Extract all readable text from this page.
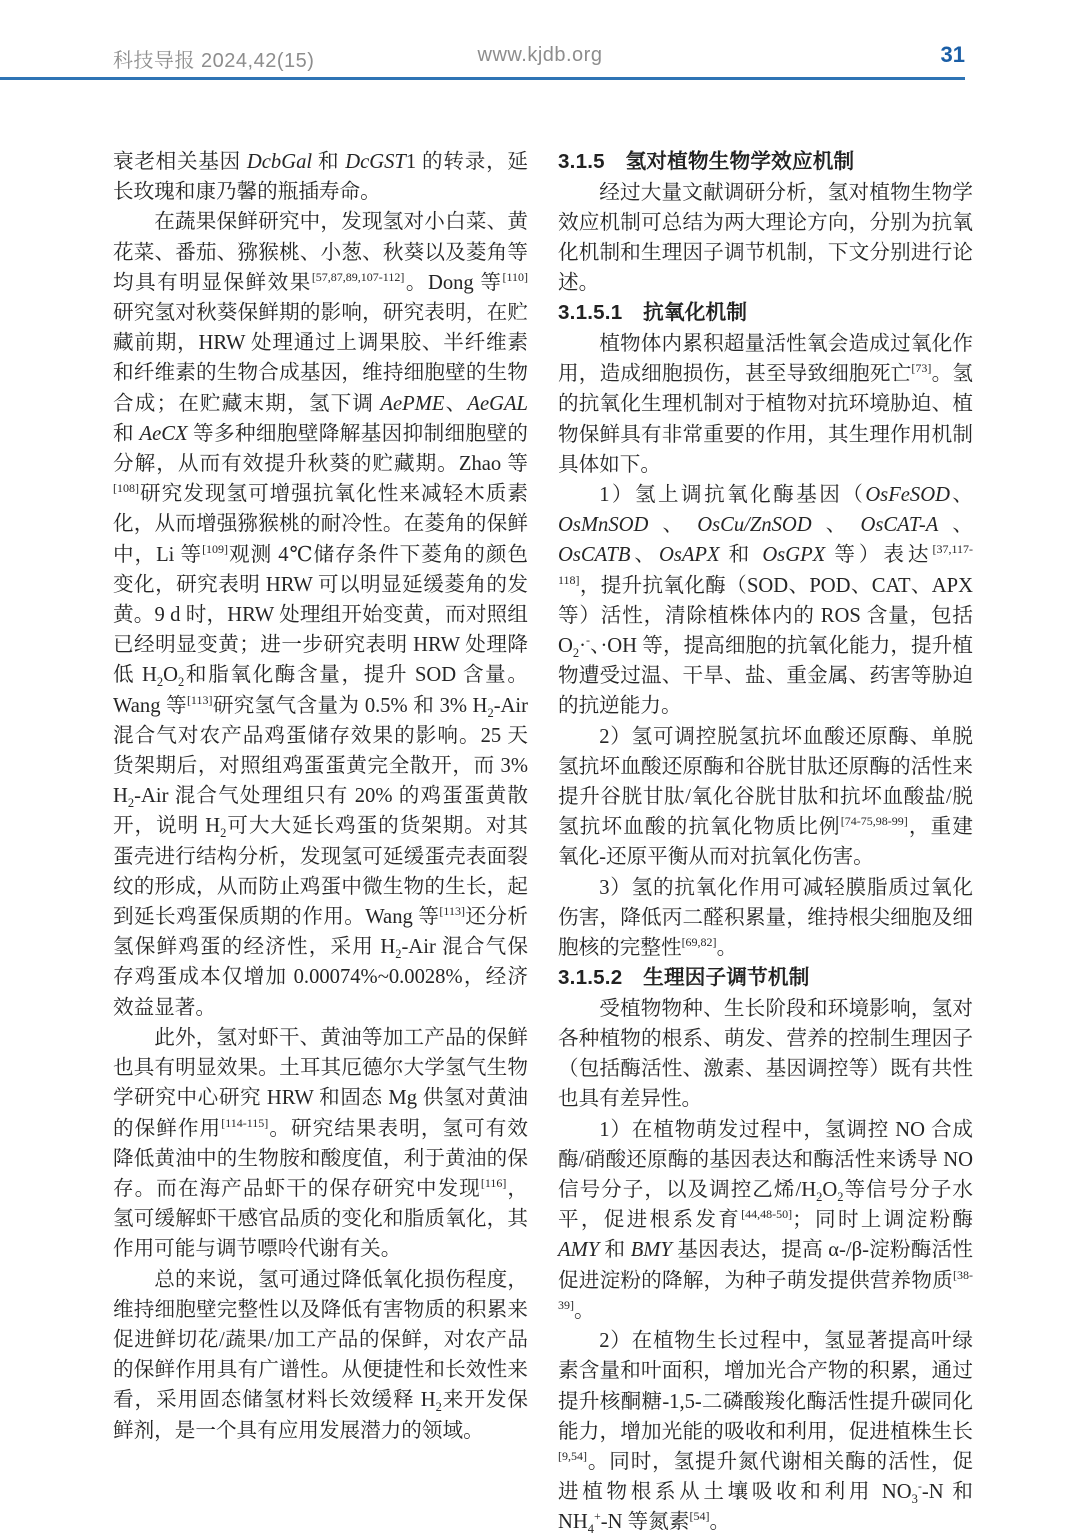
科技导报 2024,42(15)	www.kjdb.org	31

衰老相关基因 DcbGal 和 DcGST1 的转录，延长玫瑰和康乃馨的瓶插寿命。

在蔬果保鲜研究中，发现氢对小白菜、黄花菜、番茄、猕猴桃、小葱、秋葵以及菱角等均具有明显保鲜效果[57,87,89,107-112]。Dong 等[110]研究氢对秋葵保鲜期的影响，研究表明，在贮藏前期，HRW 处理通过上调果胶、半纤维素和纤维素的生物合成基因，维持细胞壁的生物合成；在贮藏末期，氢下调 AePME、AeGAL 和 AeCX 等多种细胞壁降解基因抑制细胞壁的分解，从而有效提升秋葵的贮藏期。Zhao 等[108]研究发现氢可增强抗氧化性来减轻木质素化，从而增强猕猴桃的耐冷性。在菱角的保鲜中，Li 等[109]观测 4℃储存条件下菱角的颜色变化，研究表明 HRW 可以明显延缓菱角的发黄。9 d 时，HRW 处理组开始变黄，而对照组已经明显变黄；进一步研究表明 HRW 处理降低 $H_2O_2$和脂氧化酶含量，提升 SOD 含量。Wang 等[113]研究氢气含量为 0.5% 和 3% $H_2$-Air 混合气对农产品鸡蛋储存效果的影响。25 天货架期后，对照组鸡蛋蛋黄完全散开，而 3% $H_2$-Air 混合气处理组只有 20% 的鸡蛋蛋黄散开，说明 $H_2$可大大延长鸡蛋的货架期。对其蛋壳进行结构分析，发现氢可延缓蛋壳表面裂纹的形成，从而防止鸡蛋中微生物的生长，起到延长鸡蛋保质期的作用。Wang 等[113]还分析氢保鲜鸡蛋的经济性，采用 $H_2$-Air 混合气保存鸡蛋成本仅增加 0.00074%~0.0028%，经济效益显著。

此外，氢对虾干、黄油等加工产品的保鲜也具有明显效果。土耳其厄德尔大学氢气生物学研究中心研究 HRW 和固态 Mg 供氢对黄油的保鲜作用[114-115]。研究结果表明，氢可有效降低黄油中的生物胺和酸度值，利于黄油的保存。而在海产品虾干的保存研究中发现[116]，氢可缓解虾干感官品质的变化和脂质氧化，其作用可能与调节嘌呤代谢有关。

总的来说，氢可通过降低氧化损伤程度，维持细胞壁完整性以及降低有害物质的积累来促进鲜切花/蔬果/加工产品的保鲜，对农产品的保鲜作用具有广谱性。从便捷性和长效性来看，采用固态储氢材料长效缓释 $H_2$来开发保鲜剂，是一个具有应用发展潜力的领域。

3.1.5　氢对植物生物学效应机制

经过大量文献调研分析，氢对植物生物学效应机制可总结为两大理论方向，分别为抗氧化机制和生理因子调节机制，下文分别进行论述。

3.1.5.1　抗氧化机制

植物体内累积超量活性氧会造成过氧化作用，造成细胞损伤，甚至导致细胞死亡[73]。氢的抗氧化生理机制对于植物对抗环境胁迫、植物保鲜具有非常重要的作用，其生理作用机制具体如下。

1）氢上调抗氧化酶基因（OsFeSOD、OsMnSOD、OsCu/ZnSOD、OsCAT-A、OsCATB、OsAPX 和 OsGPX 等）表达[37,117-118]，提升抗氧化酶（SOD、POD、CAT、APX 等）活性，清除植株体内的 ROS 含量，包括 $O_2\cdot^-$、·OH 等，提高细胞的抗氧化能力，提升植物遭受过温、干旱、盐、重金属、药害等胁迫的抗逆能力。

2）氢可调控脱氢抗坏血酸还原酶、单脱氢抗坏血酸还原酶和谷胱甘肽还原酶的活性来提升谷胱甘肽/氧化谷胱甘肽和抗坏血酸盐/脱氢抗坏血酸的抗氧化物质比例[74-75,98-99]，重建氧化-还原平衡从而对抗氧化伤害。

3）氢的抗氧化作用可减轻膜脂质过氧化伤害，降低丙二醛积累量，维持根尖细胞及细胞核的完整性[69,82]。

3.1.5.2　生理因子调节机制

受植物物种、生长阶段和环境影响，氢对各种植物的根系、萌发、营养的控制生理因子（包括酶活性、激素、基因调控等）既有共性也具有差异性。

1）在植物萌发过程中，氢调控 NO 合成酶/硝酸还原酶的基因表达和酶活性来诱导 NO 信号分子，以及调控乙烯$/H_2O_2$等信号分子水平，促进根系发育[44,48-50]；同时上调淀粉酶 AMY 和 BMY 基因表达，提高 α-/β-淀粉酶活性促进淀粉的降解，为种子萌发提供营养物质[38-39]。

2）在植物生长过程中，氢显著提高叶绿素含量和叶面积，增加光合产物的积累，通过提升核酮糖-1,5-二磷酸羧化酶活性提升碳同化能力，增加光能的吸收和利用，促进植株生长[9,54]。同时，氢提升氮代谢相关酶的活性，促进植物根系从土壤吸收和利用 $NO_3^--N$ 和 $NH_4^+-N$ 等氮素[54]。
